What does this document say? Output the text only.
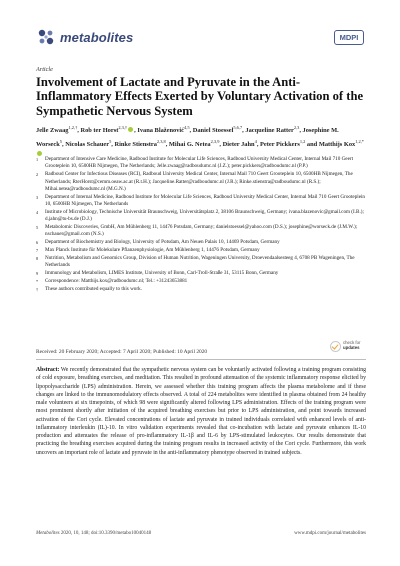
metabolites	MDPI
Article
Involvement of Lactate and Pyruvate in the Anti-Inflammatory Effects Exerted by Voluntary Activation of the Sympathetic Nervous System
Jelle Zwaag$^{1,2,\dagger}$, Rob ter Horst$^{2,3,\dagger}$ , Ivana Blaženović$^{4,5}$, Daniel Stoessel$^{5,6,7}$, Jacqueline Ratter$^{2,3}$, Josephine M. Worseck$^5$, Nicolas Schauer$^5$, Rinke Stienstra$^{2,3,8}$, Mihai G. Netea$^{2,3,9}$, Dieter Jahn$^4$, Peter Pickkers$^{1,2}$ and Matthijs Kox$^{1,2,*}$
1	Department of Intensive Care Medicine, Radboud Institute for Molecular Life Sciences, Radboud University Medical Center, Internal Mail 710 Geert Grooteplein 10, 6500HB Nijmegen, The Netherlands; Jelle.zwaag@radboudumc.nl (J.Z.); peter.pickkers@radboudumc.nl (P.P.)
2	Radboud Center for Infectious Diseases (RCI), Radboud University Medical Center, Internal Mail 710 Geert Grooteplein 10, 6500HB Nijmegen, The Netherlands; RterHorst@cemm.oeaw.ac.at (R.t.H.); Jacqueline.Ratter@radboudumc.nl (J.R.); Rinke.stienstra@radboudumc.nl (R.S.); Mihai.netea@radboudumc.nl (M.G.N.)
3	Department of Internal Medicine, Radboud Institute for Molecular Life Sciences, Radboud University Medical Center, Internal Mail 710 Geert Grooteplein 10, 6500HB Nijmegen, The Netherlands
4	Institute of Microbiology, Technische Universität Braunschweig, Universitätsplatz 2, 38106 Braunschweig, Germany; ivana.blazenovic@gmail.com (I.B.); d.jahn@tu-bs.de (D.J.)
5	Metabolomic Discoveries, GmbH, Am Mühlenberg 11, 14476 Potsdam, Germany; danielstoessel@yahoo.com (D.S.); josephine@worseck.de (J.M.W.); nschauer@gmail.com (N.S.)
6	Department of Biochemistry and Biology, University of Potsdam, Am Neuen Palais 10, 14469 Potsdam, Germany
7	Max Planck Institute für Molekulare Pflanzenphysiologie, Am Mühlenberg 1, 14476 Potsdam, Germany
8	Nutrition, Metabolism and Genomics Group, Division of Human Nutrition, Wageningen University, Droevendaalsesteeg 4, 6708 PB Wageningen, The Netherlands
9	Immunology and Metabolism, LIMES Institute, University of Bonn, Carl-Troll-Straße 31, 53115 Bonn, Germany
*	Correspondence: Matthijs.kox@radboudumc.nl; Tel.: +31243653881
†	These authors contributed equally to this work.
check for
updates
Received: 20 February 2020; Accepted: 7 April 2020; Published: 10 April 2020

Abstract: We recently demonstrated that the sympathetic nervous system can be voluntarily activated following a training program consisting of cold exposure, breathing exercises, and meditation. This resulted in profound attenuation of the systemic inflammatory response elicited by lipopolysaccharide (LPS) administration. Herein, we assessed whether this training program affects the plasma metabolome and if these changes are linked to the immunomodulatory effects observed. A total of 224 metabolites were identified in plasma obtained from 24 healthy male volunteers at six timepoints, of which 98 were significantly altered following LPS administration. Effects of the training program were most prominent shortly after initiation of the acquired breathing exercises but prior to LPS administration, and point towards increased activation of the Cori cycle. Elevated concentrations of lactate and pyruvate in trained individuals correlated with enhanced levels of anti-inflammatory interleukin (IL)-10. In vitro validation experiments revealed that co-incubation with lactate and pyruvate enhances IL-10 production and attenuates the release of pro-inflammatory IL-1β and IL-6 by LPS-stimulated leukocytes. Our results demonstrate that practicing the breathing exercises acquired during the training program results in increased activity of the Cori cycle. Furthermore, this work uncovers an important role of lactate and pyruvate in the anti-inflammatory phenotype observed in trained subjects.

Metabolites 2020, 10, 148; doi:10.3390/metabo10040148	www.mdpi.com/journal/metabolites
